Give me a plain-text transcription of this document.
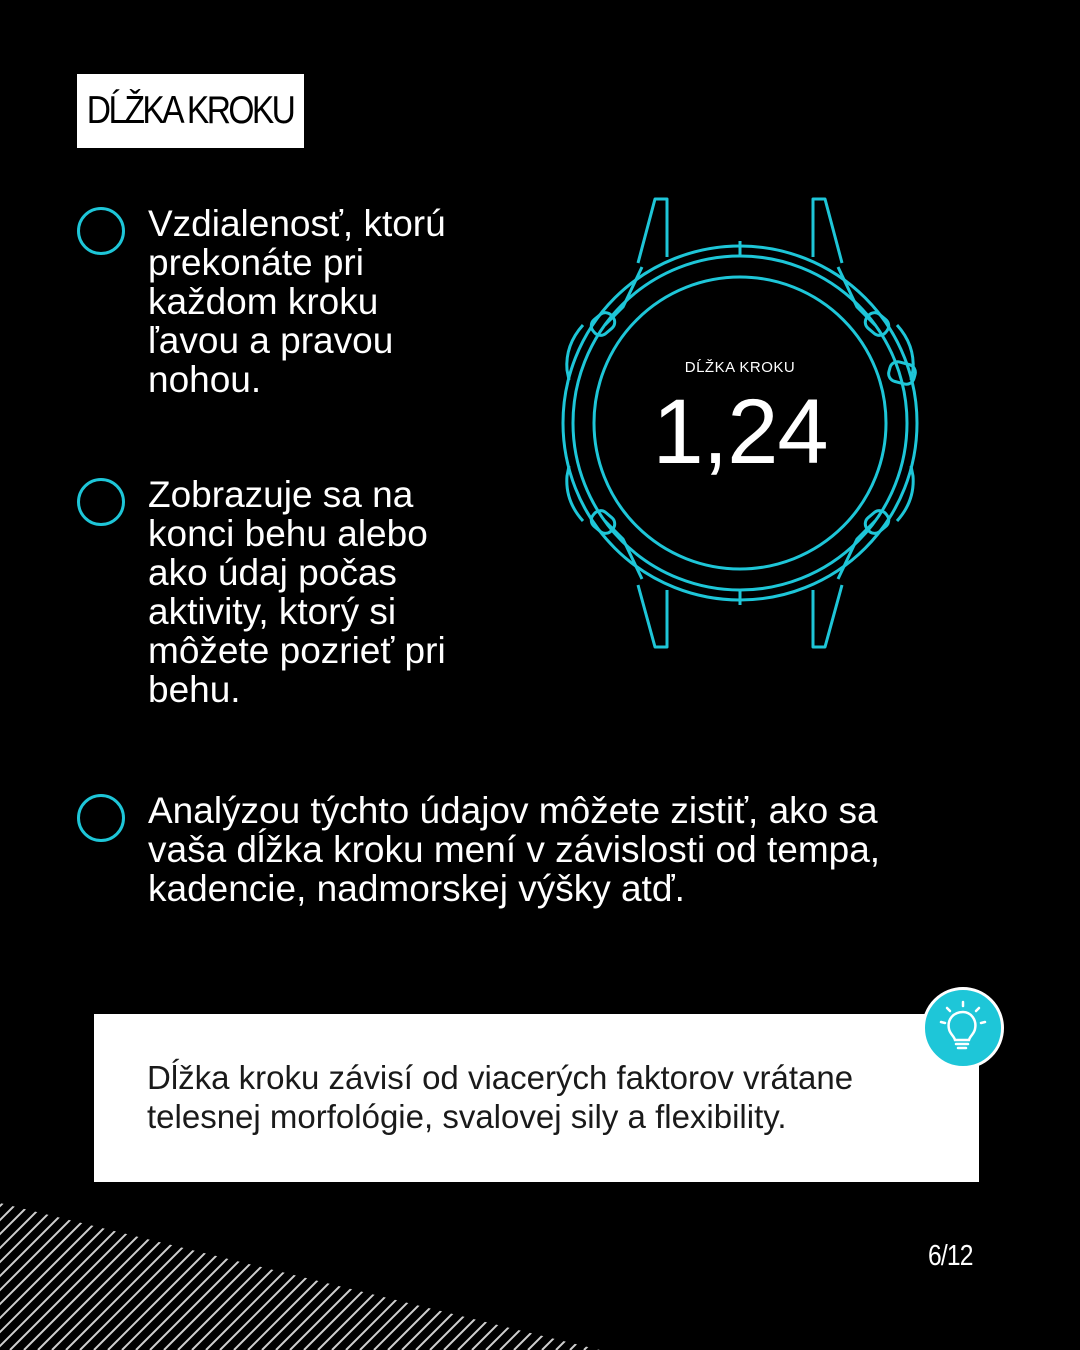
DĹŽKA KROKU
Vzdialenosť, ktorú prekonáte pri každom kroku ľavou a pravou nohou.
Zobrazuje sa na konci behu alebo ako údaj počas aktivity, ktorý si môžete pozrieť pri behu.
Analýzou týchto údajov môžete zistiť, ako sa vaša dĺžka kroku mení v závislosti od tempa, kadencie, nadmorskej výšky atď.
DĹŽKA KROKU
1,24
Dĺžka kroku závisí od viacerých faktorov vrátane telesnej morfológie, svalovej sily a flexibility.
6/12
